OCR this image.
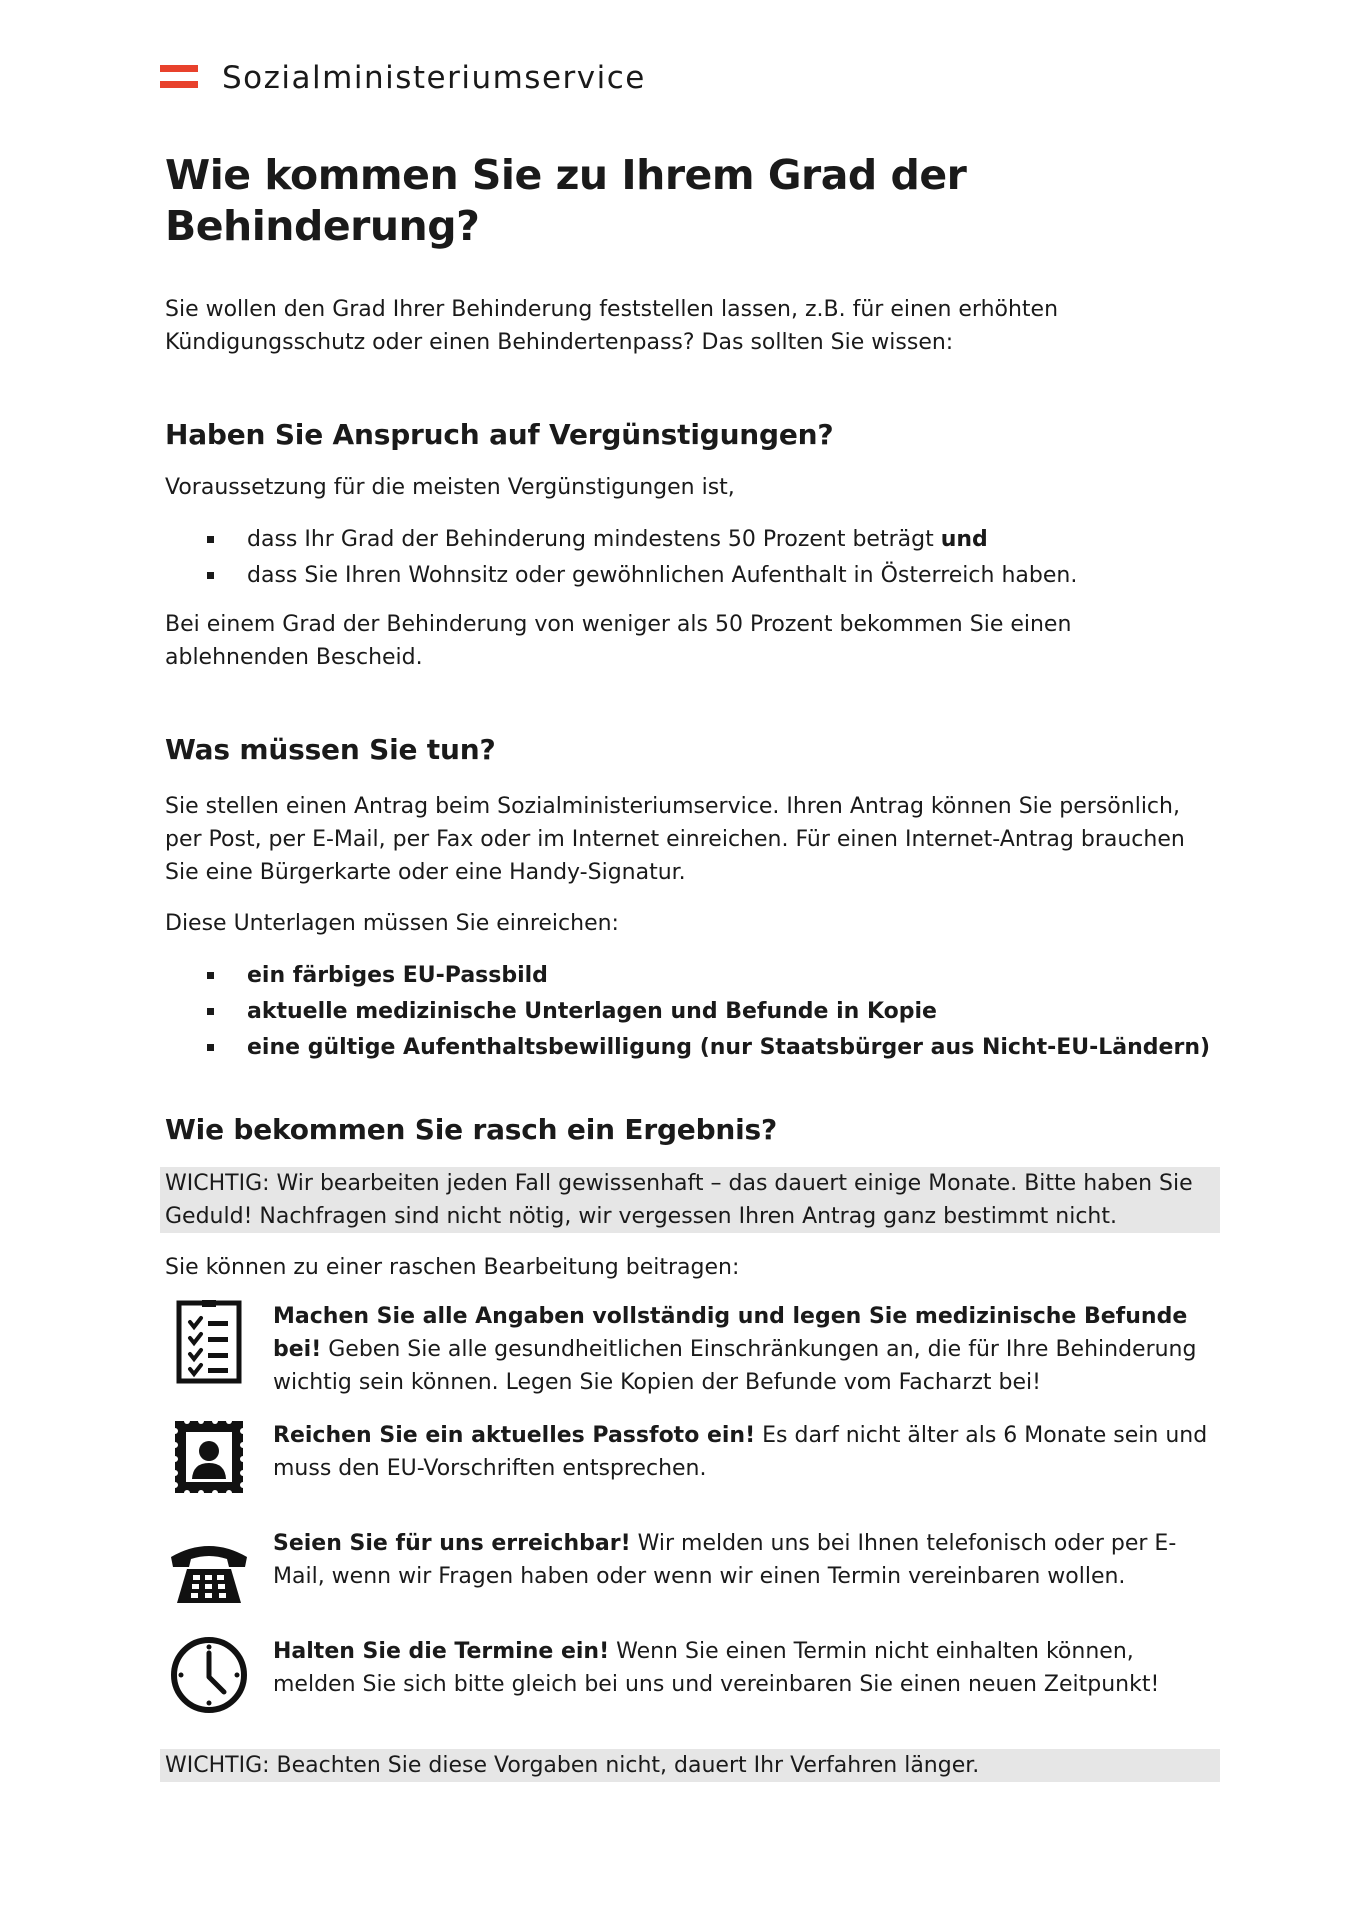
Sozialministeriumservice
Wie kommen Sie zu Ihrem Grad der Behinderung?

Sie wollen den Grad Ihrer Behinderung feststellen lassen, z.B. für einen erhöhten Kündigungsschutz oder einen Behindertenpass? Das sollten Sie wissen:

Haben Sie Anspruch auf Vergünstigungen?

Voraussetzung für die meisten Vergünstigungen ist,

dass Ihr Grad der Behinderung mindestens 50 Prozent beträgt und
dass Sie Ihren Wohnsitz oder gewöhnlichen Aufenthalt in Österreich haben.

Bei einem Grad der Behinderung von weniger als 50 Prozent bekommen Sie einen ablehnenden Bescheid.

Was müssen Sie tun?

Sie stellen einen Antrag beim Sozialministeriumservice. Ihren Antrag können Sie persönlich, per Post, per E-Mail, per Fax oder im Internet einreichen. Für einen Internet-Antrag brauchen Sie eine Bürgerkarte oder eine Handy-Signatur.

Diese Unterlagen müssen Sie einreichen:

ein färbiges EU-Passbild
aktuelle medizinische Unterlagen und Befunde in Kopie
eine gültige Aufenthaltsbewilligung (nur Staatsbürger aus Nicht-EU-Ländern)
Wie bekommen Sie rasch ein Ergebnis?
WICHTIG: Wir bearbeiten jeden Fall gewissenhaft – das dauert einige Monate. Bitte haben Sie Geduld! Nachfragen sind nicht nötig, wir vergessen Ihren Antrag ganz bestimmt nicht.

Sie können zu einer raschen Bearbeitung beitragen:

Machen Sie alle Angaben vollständig und legen Sie medizinische Befunde bei! Geben Sie alle gesundheitlichen Einschränkungen an, die für Ihre Behinderung wichtig sein können. Legen Sie Kopien der Befunde vom Facharzt bei!
Reichen Sie ein aktuelles Passfoto ein! Es darf nicht älter als 6 Monate sein und muss den EU-Vorschriften entsprechen.
Seien Sie für uns erreichbar! Wir melden uns bei Ihnen telefonisch oder per E-Mail, wenn wir Fragen haben oder wenn wir einen Termin vereinbaren wollen.
Halten Sie die Termine ein! Wenn Sie einen Termin nicht einhalten können, melden Sie sich bitte gleich bei uns und vereinbaren Sie einen neuen Zeitpunkt!
WICHTIG: Beachten Sie diese Vorgaben nicht, dauert Ihr Verfahren länger.
